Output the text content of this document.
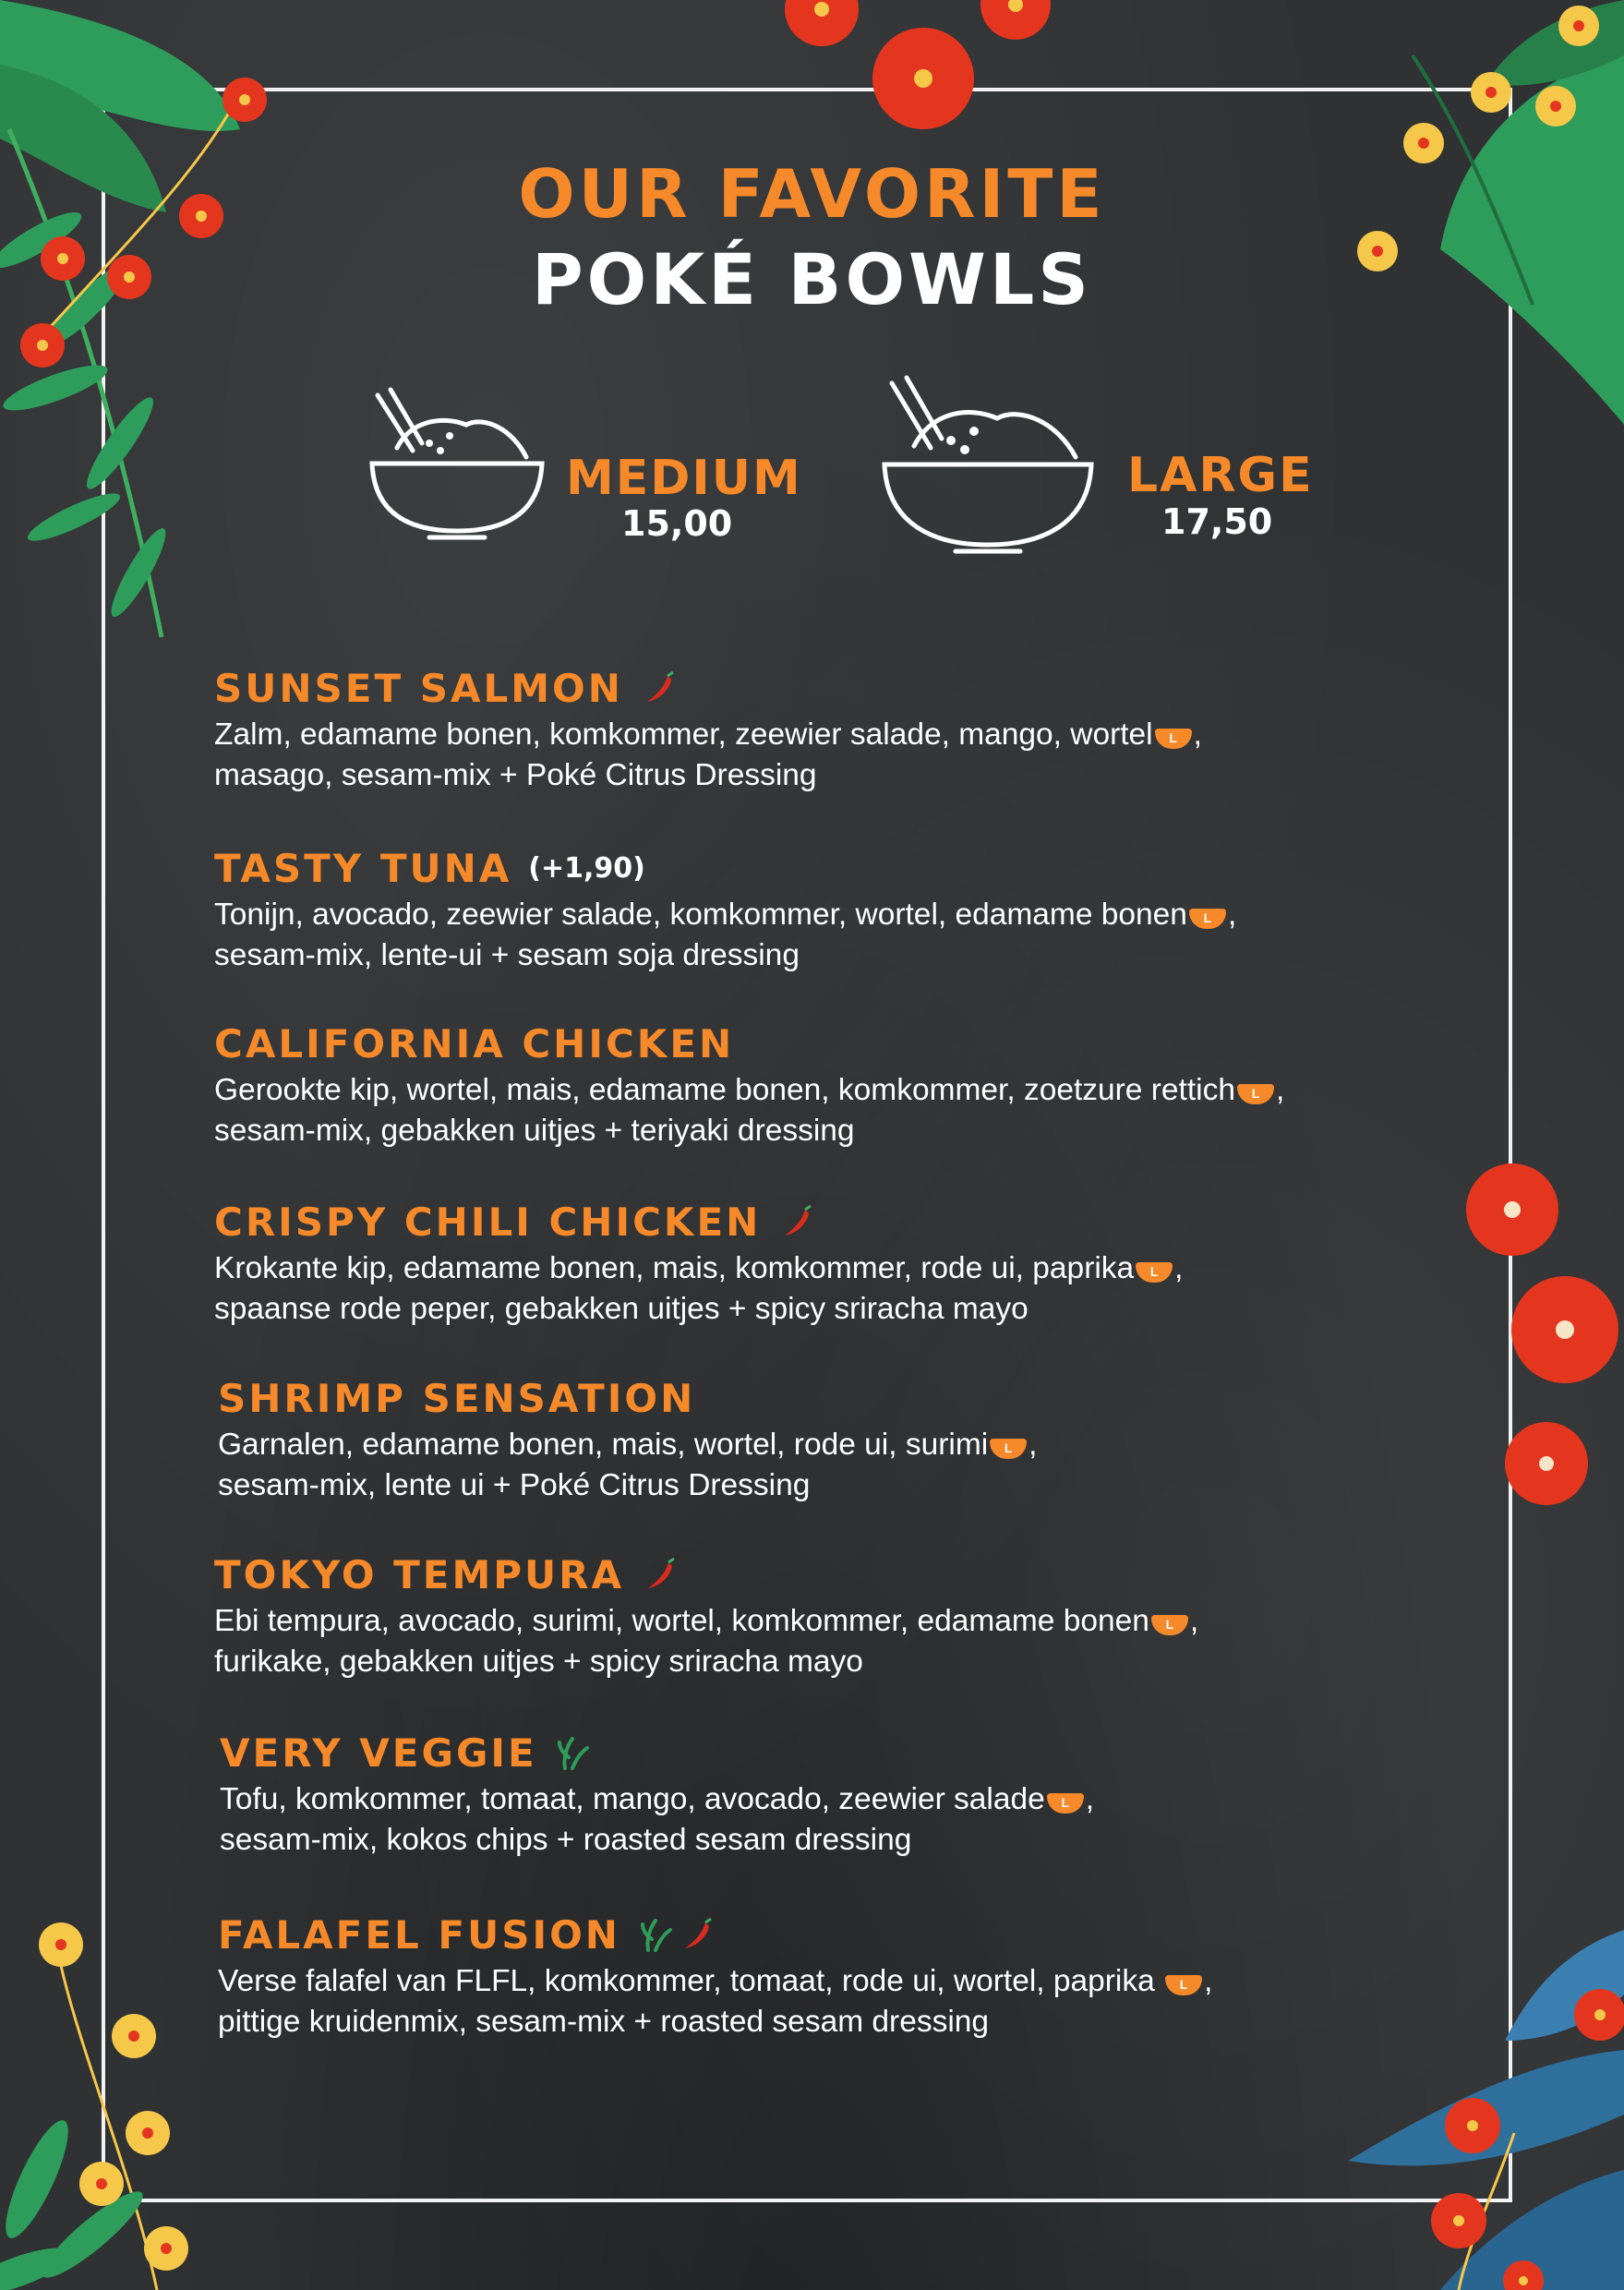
OUR FAVORITE
POKÉ BOWLS
MEDIUM
15,00
LARGE
17,50
SUNSET SALMON
Zalm, edamame bonen, komkommer, zeewier salade, mango, wortel L ,
masago, sesam-mix + Poké Citrus Dressing
TASTY TUNA (+1,90)
Tonijn, avocado, zeewier salade, komkommer, wortel, edamame bonen L ,
sesam-mix, lente-ui + sesam soja dressing
CALIFORNIA CHICKEN
Gerookte kip, wortel, mais, edamame bonen, komkommer, zoetzure rettich L ,
sesam-mix, gebakken uitjes + teriyaki dressing
CRISPY CHILI CHICKEN
Krokante kip, edamame bonen, mais, komkommer, rode ui, paprika L ,
spaanse rode peper, gebakken uitjes + spicy sriracha mayo
SHRIMP SENSATION
Garnalen, edamame bonen, mais, wortel, rode ui, surimi L ,
sesam-mix, lente ui + Poké Citrus Dressing
TOKYO TEMPURA
Ebi tempura, avocado, surimi, wortel, komkommer, edamame bonen L ,
furikake, gebakken uitjes + spicy sriracha mayo
VERY VEGGIE
Tofu, komkommer, tomaat, mango, avocado, zeewier salade L ,
sesam-mix, kokos chips + roasted sesam dressing
FALAFEL FUSION
Verse falafel van FLFL, komkommer, tomaat, rode ui, wortel, paprika L ,
pittige kruidenmix, sesam-mix + roasted sesam dressing
